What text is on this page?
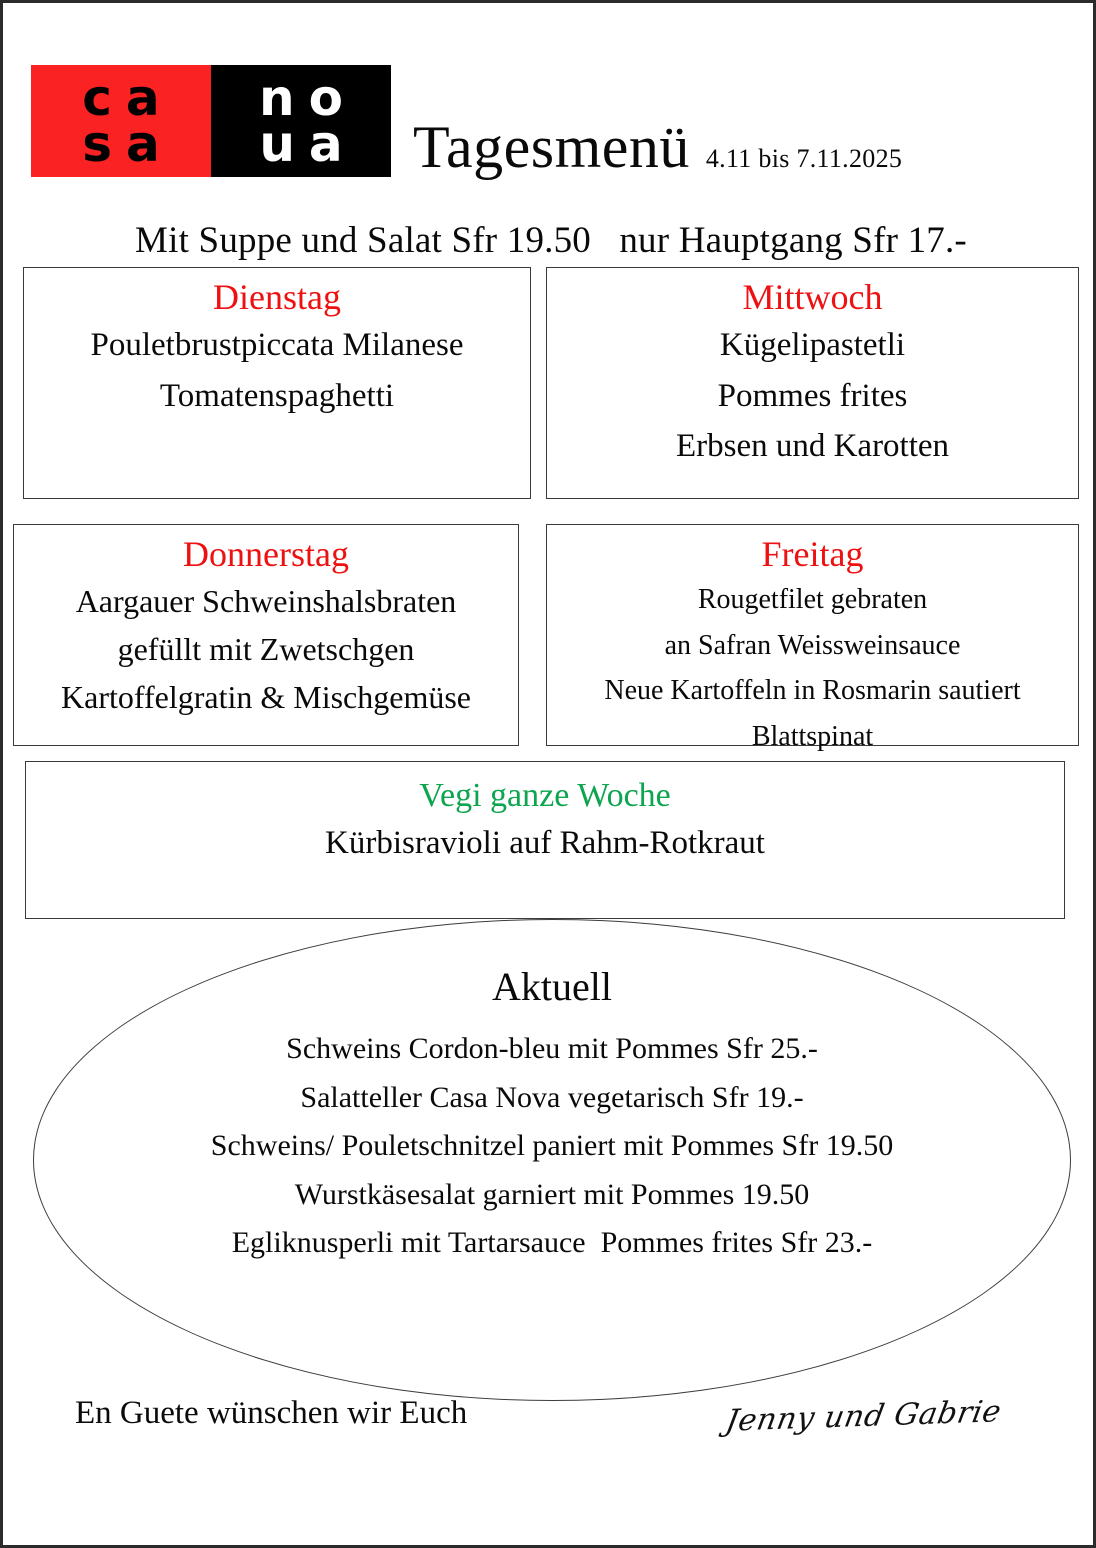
ca
sa
no
ua Tagesmenü 4.11 bis 7.11.2025
Mit Suppe und Salat Sfr 19.50   nur Hauptgang Sfr 17.-
Dienstag
Pouletbrustpiccata Milanese
Tomatenspaghetti
Mittwoch
Kügelipastetli
Pommes frites
Erbsen und Karotten
Donnerstag
Aargauer Schweinshalsbraten
gefüllt mit Zwetschgen
Kartoffelgratin & Mischgemüse
Freitag
Rougetfilet gebraten
an Safran Weissweinsauce
Neue Kartoffeln in Rosmarin sautiert
Blattspinat
Vegi ganze Woche
Kürbisravioli auf Rahm-Rotkraut
Aktuell
Schweins Cordon-bleu mit Pommes Sfr 25.-
Salatteller Casa Nova vegetarisch Sfr 19.-
Schweins/ Pouletschnitzel paniert mit Pommes Sfr 19.50
Wurstkäsesalat garniert mit Pommes 19.50
Egliknusperli mit Tartarsauce  Pommes frites Sfr 23.-
En Guete wünschen wir Euch	Jenny und Gabrie
